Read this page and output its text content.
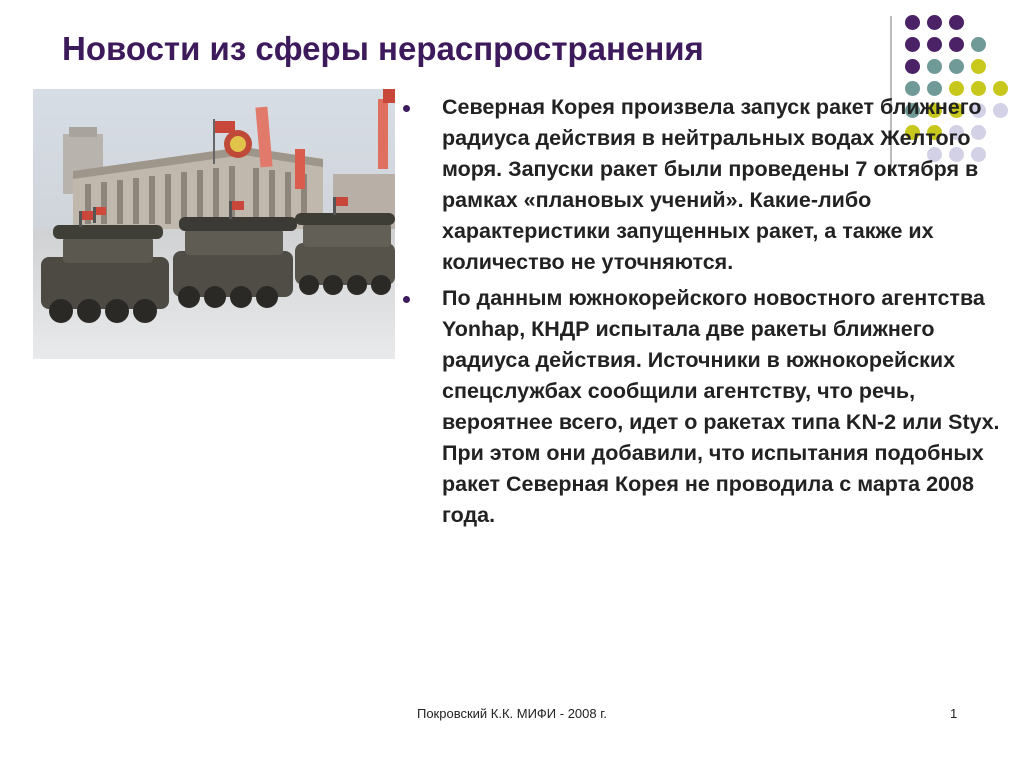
Новости из сферы нераспространения
Северная Корея произвела запуск ракет ближнего радиуса действия в нейтральных водах Желтого моря. Запуски ракет были проведены 7 октября в рамках «плановых учений». Какие-либо характеристики запущенных ракет, а также их количество не уточняются.
По данным южнокорейского новостного агентства Yonhap, КНДР испытала две ракеты ближнего радиуса действия. Источники в южнокорейских спецслужбах сообщили агентству, что речь, вероятнее всего, идет о ракетах типа KN-2 или Styx. При этом они добавили, что испытания подобных ракет Северная Корея не проводила с марта 2008 года.
Покровский К.К. МИФИ - 2008 г.	1
